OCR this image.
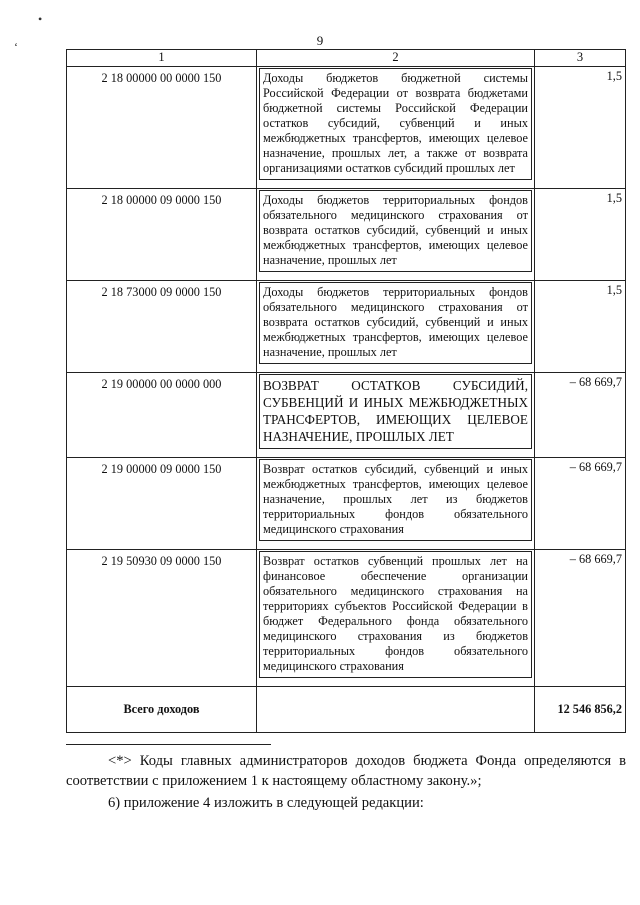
•
ʻ	9
1	2	3
2 18 00000 00 0000 150	Доходы бюджетов бюджетной системы Российской Федерации от возврата бюджетами бюджетной системы Российской Федерации остатков субсидий, субвенций и иных межбюджетных трансфертов, имеющих целевое назначение, прошлых лет, а также от возврата организациями остатков субсидий прошлых лет	1,5
2 18 00000 09 0000 150	Доходы бюджетов территориальных фондов обязательного медицинского страхования от возврата остатков субсидий, субвенций и иных межбюджетных трансфертов, имеющих целевое назначение, прошлых лет	1,5
2 18 73000 09 0000 150	Доходы бюджетов территориальных фондов обязательного медицинского страхования от возврата остатков субсидий, субвенций и иных межбюджетных трансфертов, имеющих целевое назначение, прошлых лет	1,5
2 19 00000 00 0000 000	ВОЗВРАТ ОСТАТКОВ СУБСИДИЙ, СУБВЕНЦИЙ И ИНЫХ МЕЖБЮДЖЕТНЫХ ТРАНСФЕРТОВ, ИМЕЮЩИХ ЦЕЛЕВОЕ НАЗНАЧЕНИЕ, ПРОШЛЫХ ЛЕТ	– 68 669,7
2 19 00000 09 0000 150	Возврат остатков субсидий, субвенций и иных межбюджетных трансфертов, имеющих целевое назначение, прошлых лет из бюджетов территориальных фондов обязательного медицинского страхования	– 68 669,7
2 19 50930 09 0000 150	Возврат остатков субвенций прошлых лет на финансовое обеспечение организации обязательного медицинского страхования на территориях субъектов Российской Федерации в бюджет Федерального фонда обязательного медицинского страхования из бюджетов территориальных фондов обязательного медицинского страхования	– 68 669,7
Всего доходов		12 546 856,2
<*> Коды главных администраторов доходов бюджета Фонда определяются в соответствии с приложением 1 к настоящему областному закону.»;
6) приложение 4 изложить в следующей редакции:
